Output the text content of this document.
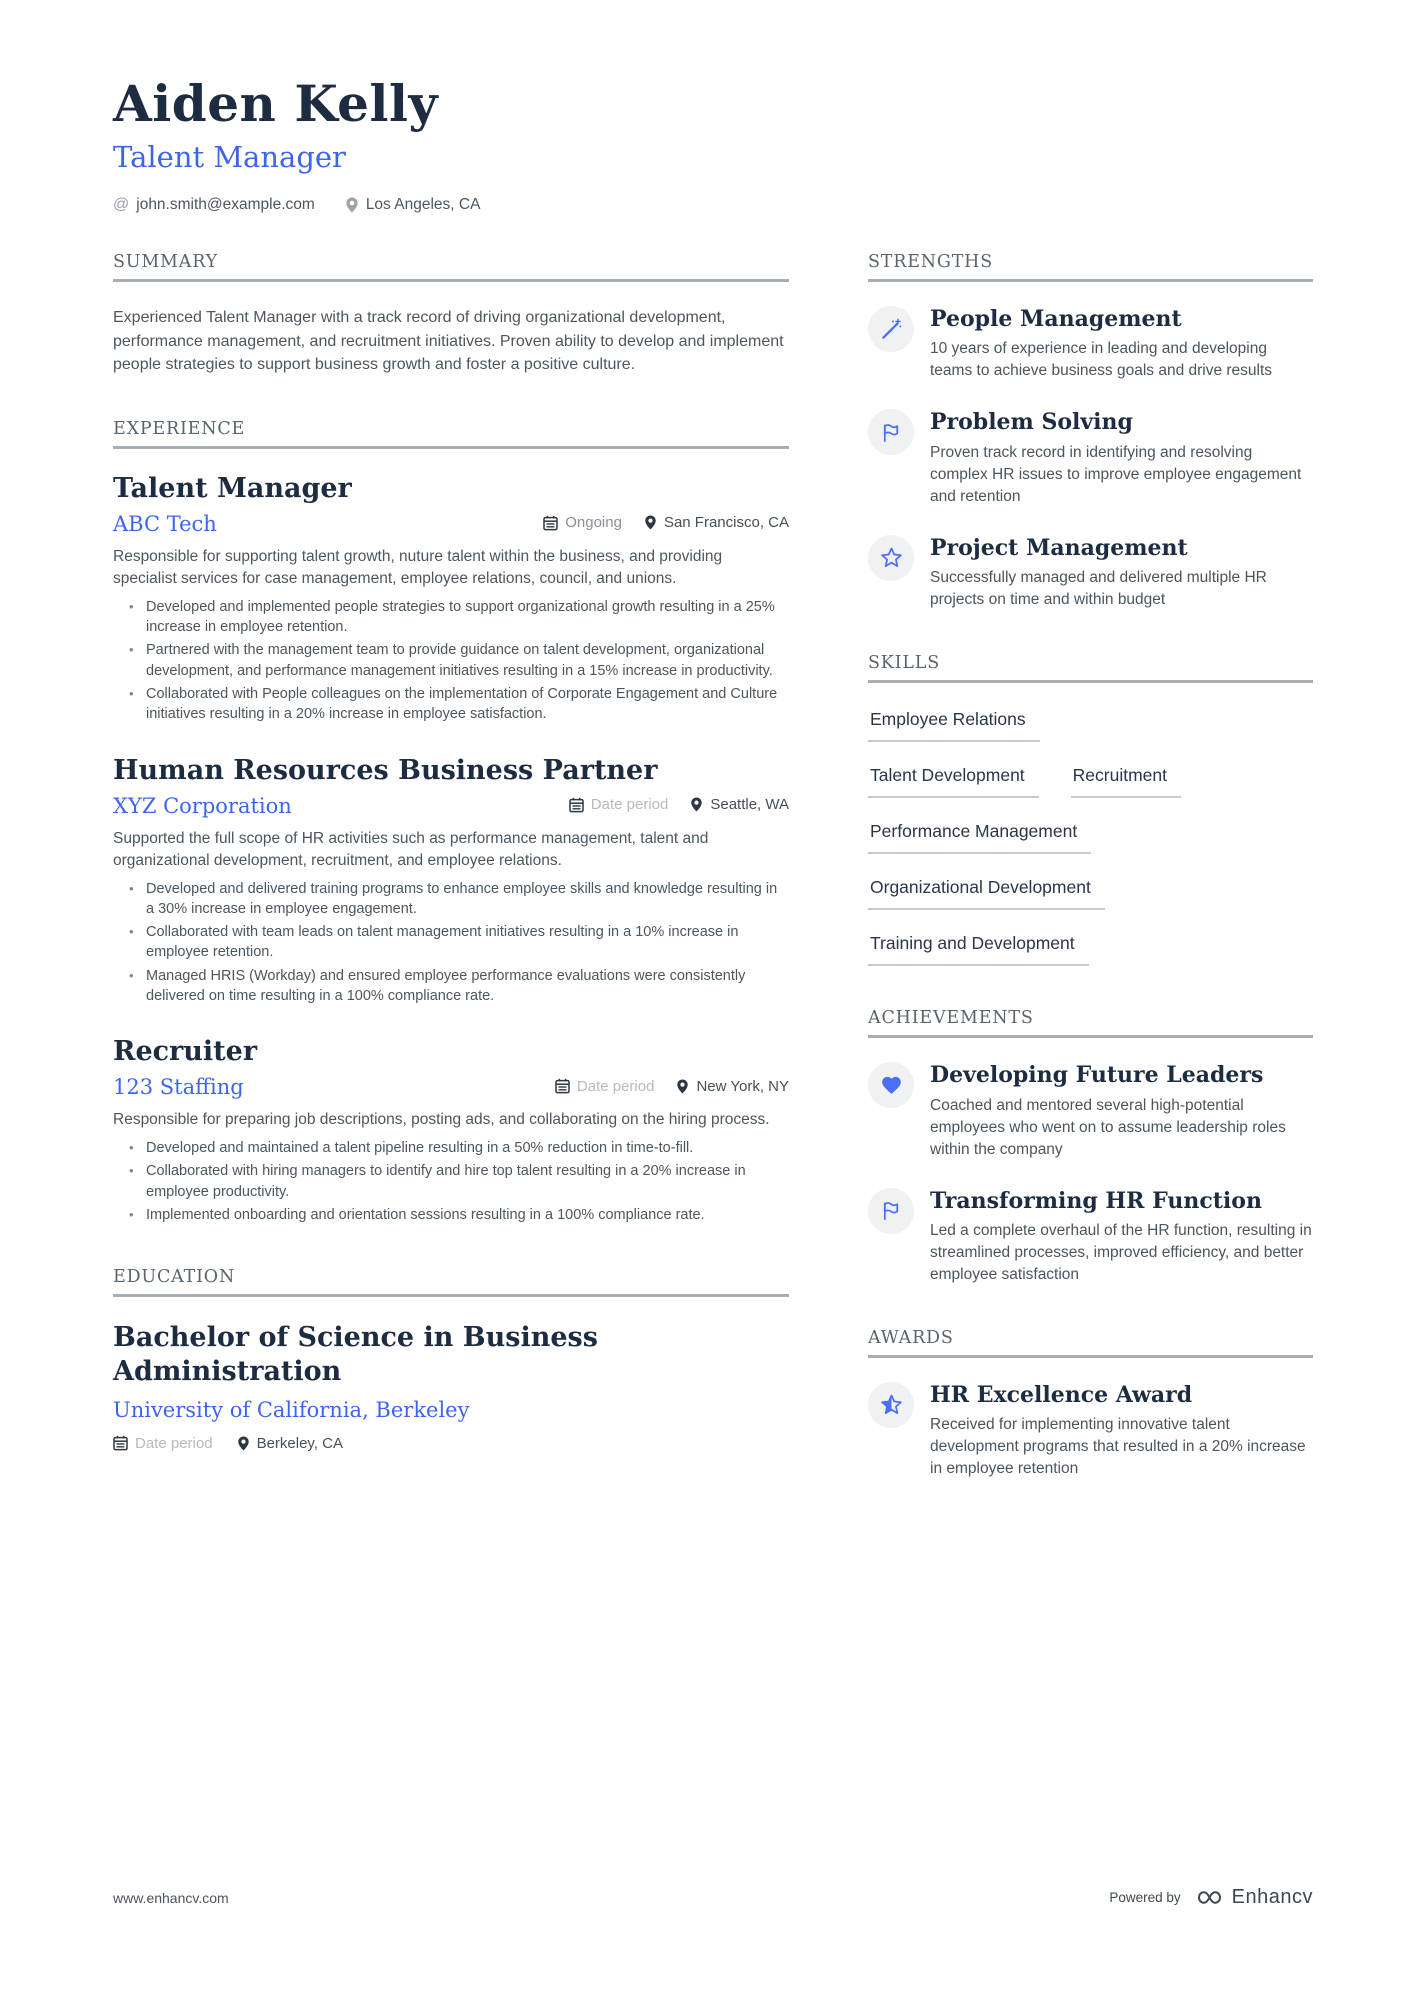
Aiden Kelly
Talent Manager
@ john.smith@example.com	Los Angeles, CA
SUMMARY

Experienced Talent Manager with a track record of driving organizational development, performance management, and recruitment initiatives. Proven ability to develop and implement people strategies to support business growth and foster a positive culture.

EXPERIENCE
Talent Manager
ABC Tech	Ongoing	San Francisco, CA

Responsible for supporting talent growth, nuture talent within the business, and providing specialist services for case management, employee relations, council, and unions.

• Developed and implemented people strategies to support organizational growth resulting in a 25% increase in employee retention.
• Partnered with the management team to provide guidance on talent development, organizational development, and performance management initiatives resulting in a 15% increase in productivity.
• Collaborated with People colleagues on the implementation of Corporate Engagement and Culture initiatives resulting in a 20% increase in employee satisfaction.
Human Resources Business Partner
XYZ Corporation	Date period	Seattle, WA

Supported the full scope of HR activities such as performance management, talent and organizational development, recruitment, and employee relations.

• Developed and delivered training programs to enhance employee skills and knowledge resulting in a 30% increase in employee engagement.
• Collaborated with team leads on talent management initiatives resulting in a 10% increase in employee retention.
• Managed HRIS (Workday) and ensured employee performance evaluations were consistently delivered on time resulting in a 100% compliance rate.
Recruiter
123 Staffing	Date period	New York, NY

Responsible for preparing job descriptions, posting ads, and collaborating on the hiring process.

• Developed and maintained a talent pipeline resulting in a 50% reduction in time-to-fill.
• Collaborated with hiring managers to identify and hire top talent resulting in a 20% increase in employee productivity.
• Implemented onboarding and orientation sessions resulting in a 100% compliance rate.
EDUCATION
Bachelor of Science in Business Administration
University of California, Berkeley
Date period	Berkeley, CA
STRENGTHS
People Management
10 years of experience in leading and developing teams to achieve business goals and drive results
Problem Solving
Proven track record in identifying and resolving complex HR issues to improve employee engagement and retention
Project Management
Successfully managed and delivered multiple HR projects on time and within budget
SKILLS
Employee Relations
Talent Development	Recruitment
Performance Management
Organizational Development
Training and Development
ACHIEVEMENTS
Developing Future Leaders
Coached and mentored several high-potential employees who went on to assume leadership roles within the company
Transforming HR Function
Led a complete overhaul of the HR function, resulting in streamlined processes, improved efficiency, and better employee satisfaction
AWARDS
HR Excellence Award
Received for implementing innovative talent development programs that resulted in a 20% increase in employee retention
www.enhancv.com	Powered by	Enhancv
